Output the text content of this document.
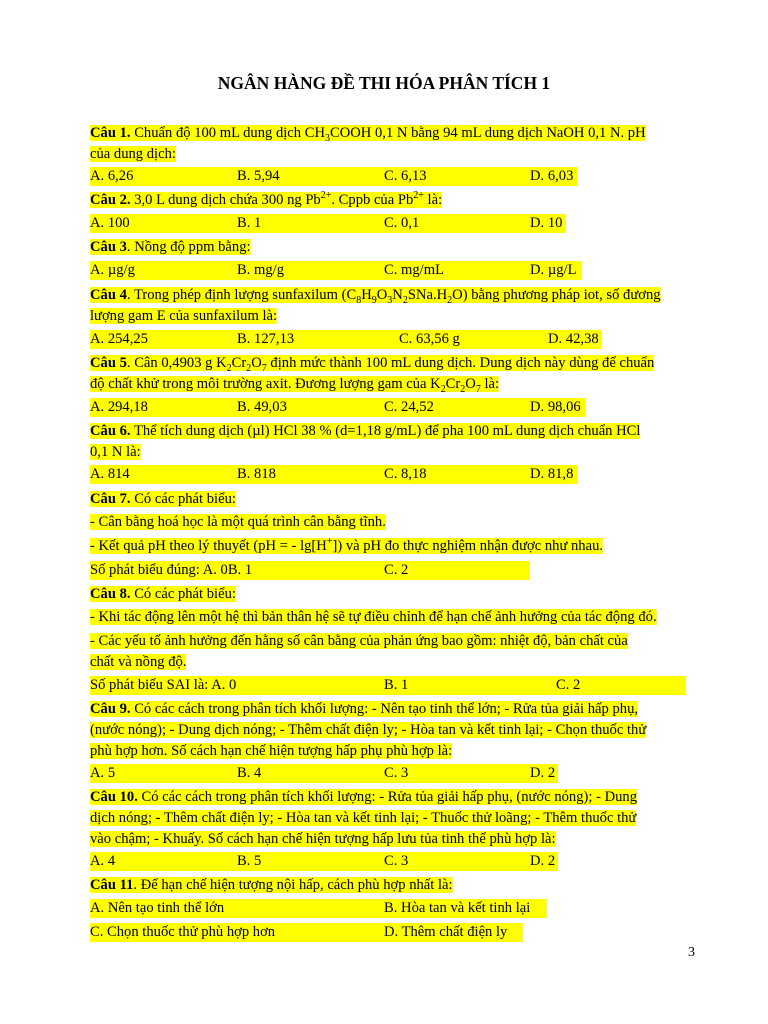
NGÂN HÀNG ĐỀ THI HÓA PHÂN TÍCH 1
Câu 1. Chuẩn độ 100 mL dung dịch $CH_3COOH$ 0,1 N bằng 94 mL dung dịch NaOH 0,1 N. pH
của dung dịch:
A. 6,26	B. 5,94	C. 6,13	D. 6,03
Câu 2. 3,0 L dung dịch chứa 300 ng $Pb^{2+}$. Cppb của $Pb^{2+}$ là:
A. 100	B. 1	C. 0,1	D. 10
Câu 3. Nồng độ ppm bằng:
A. µg/g	B. mg/g	C. mg/mL	D. µg/L
Câu 4. Trong phép định lượng sunfaxilum $(C_8H_9O_3N_2SNa.H_2O)$ bằng phương pháp iot, số đương
lượng gam E của sunfaxilum là:
A. 254,25	B. 127,13	C. 63,56 g	D. 42,38
Câu 5. Cân 0,4903 g $K_2Cr_2O_7$ định mức thành 100 mL dung dịch. Dung dịch này dùng để chuẩn
độ chất khử trong môi trường axit. Đương lượng gam của $K_2Cr_2O_7$ là:
A. 294,18	B. 49,03	C. 24,52	D. 98,06
Câu 6. Thể tích dung dịch (µl) HCl 38 % (d=1,18 g/mL) để pha 100 mL dung dịch chuẩn HCl
0,1 N là:
A. 814	B. 818	C. 8,18	D. 81,8
Câu 7. Có các phát biểu:
- Cân bằng hoá học là một quá trình cân bằng tĩnh.
- Kết quả pH theo lý thuyết (pH = - lg[H+]) và pH đo thực nghiệm nhận được như nhau.
Số phát biểu đúng: A. 0B. 1	C. 2
Câu 8. Có các phát biểu:
- Khi tác động lên một hệ thì bản thân hệ sẽ tự điều chỉnh để hạn chế ảnh hưởng của tác động đó.
- Các yếu tố ảnh hưởng đến hằng số cân bằng của phản ứng bao gồm: nhiệt độ, bản chất của
chất và nồng độ.
Số phát biểu SAI là: A. 0	B. 1	C. 2
Câu 9. Có các cách trong phân tích khối lượng: - Nên tạo tinh thể lớn; - Rửa tủa giải hấp phụ,
(nước nóng); - Dung dịch nóng; - Thêm chất điện ly; - Hòa tan và kết tinh lại; - Chọn thuốc thử
phù hợp hơn. Số cách hạn chế hiện tượng hấp phụ phù hợp là:
A. 5	B. 4	C. 3	D. 2
Câu 10. Có các cách trong phân tích khối lượng: - Rửa tủa giải hấp phụ, (nước nóng); - Dung
dịch nóng; - Thêm chất điện ly; - Hòa tan và kết tinh lại; - Thuốc thử loãng; - Thêm thuốc thử
vào chậm; - Khuấy. Số cách hạn chế hiện tượng hấp lưu tủa tinh thể phù hợp là:
A. 4	B. 5	C. 3	D. 2
Câu 11. Để hạn chế hiện tượng nội hấp, cách phù hợp nhất là:
A. Nên tạo tinh thể lớn	B. Hòa tan và kết tinh lại
C. Chọn thuốc thử phù hợp hơn	D. Thêm chất điện ly
3
